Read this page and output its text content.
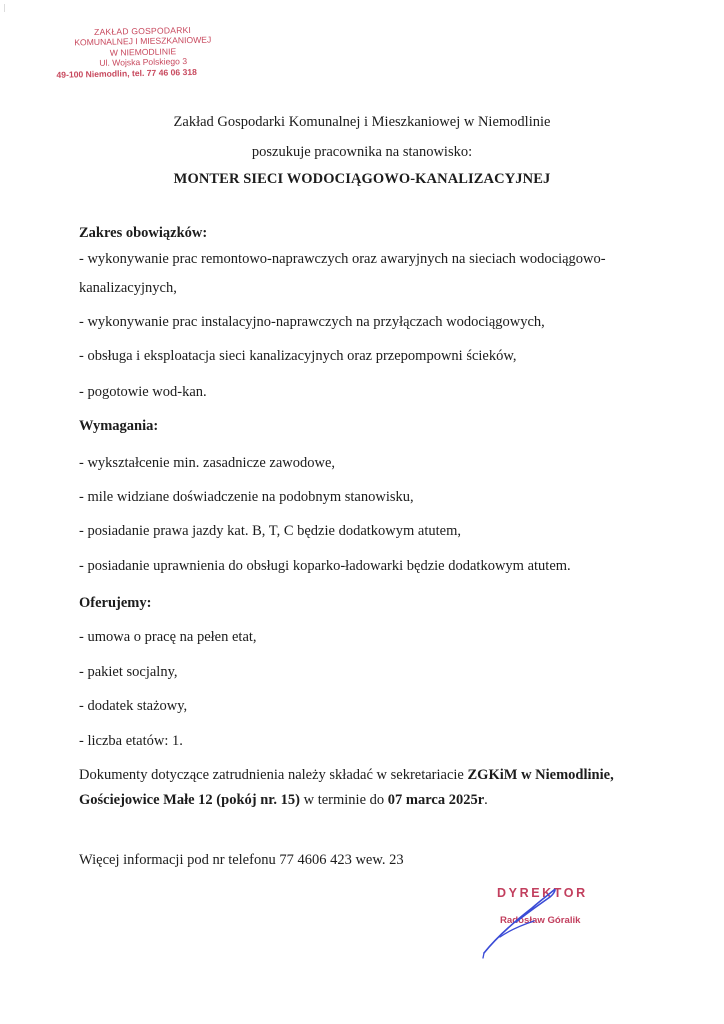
ZAKŁAD GOSPODARKI
KOMUNALNEJ I MIESZKANIOWEJ
W NIEMODLINIE
Ul. Wojska Polskiego 3
49-100 Niemodlin, tel. 77 46 06 318
Zakład Gospodarki Komunalnej i Mieszkaniowej w Niemodlinie
poszukuje pracownika na stanowisko:
MONTER SIECI WODOCIĄGOWO-KANALIZACYJNEJ
Zakres obowiązków:
- wykonywanie prac remontowo-naprawczych oraz awaryjnych na sieciach wodociągowo-
kanalizacyjnych,
- wykonywanie prac instalacyjno-naprawczych na przyłączach wodociągowych,
- obsługa i eksploatacja sieci kanalizacyjnych oraz przepompowni ścieków,
- pogotowie wod-kan.
Wymagania:
- wykształcenie min. zasadnicze zawodowe,
- mile widziane doświadczenie na podobnym stanowisku,
- posiadanie prawa jazdy kat. B, T, C będzie dodatkowym atutem,
- posiadanie uprawnienia do obsługi koparko-ładowarki będzie dodatkowym atutem.
Oferujemy:
- umowa o pracę na pełen etat,
- pakiet socjalny,
- dodatek stażowy,
- liczba etatów: 1.
Dokumenty dotyczące zatrudnienia należy składać w sekretariacie ZGKiM w Niemodlinie,
Gościejowice Małe 12 (pokój nr. 15) w terminie do 07 marca 2025r.
Więcej informacji pod nr telefonu 77 4606 423 wew. 23
DYREKTOR
Radosław Góralik
